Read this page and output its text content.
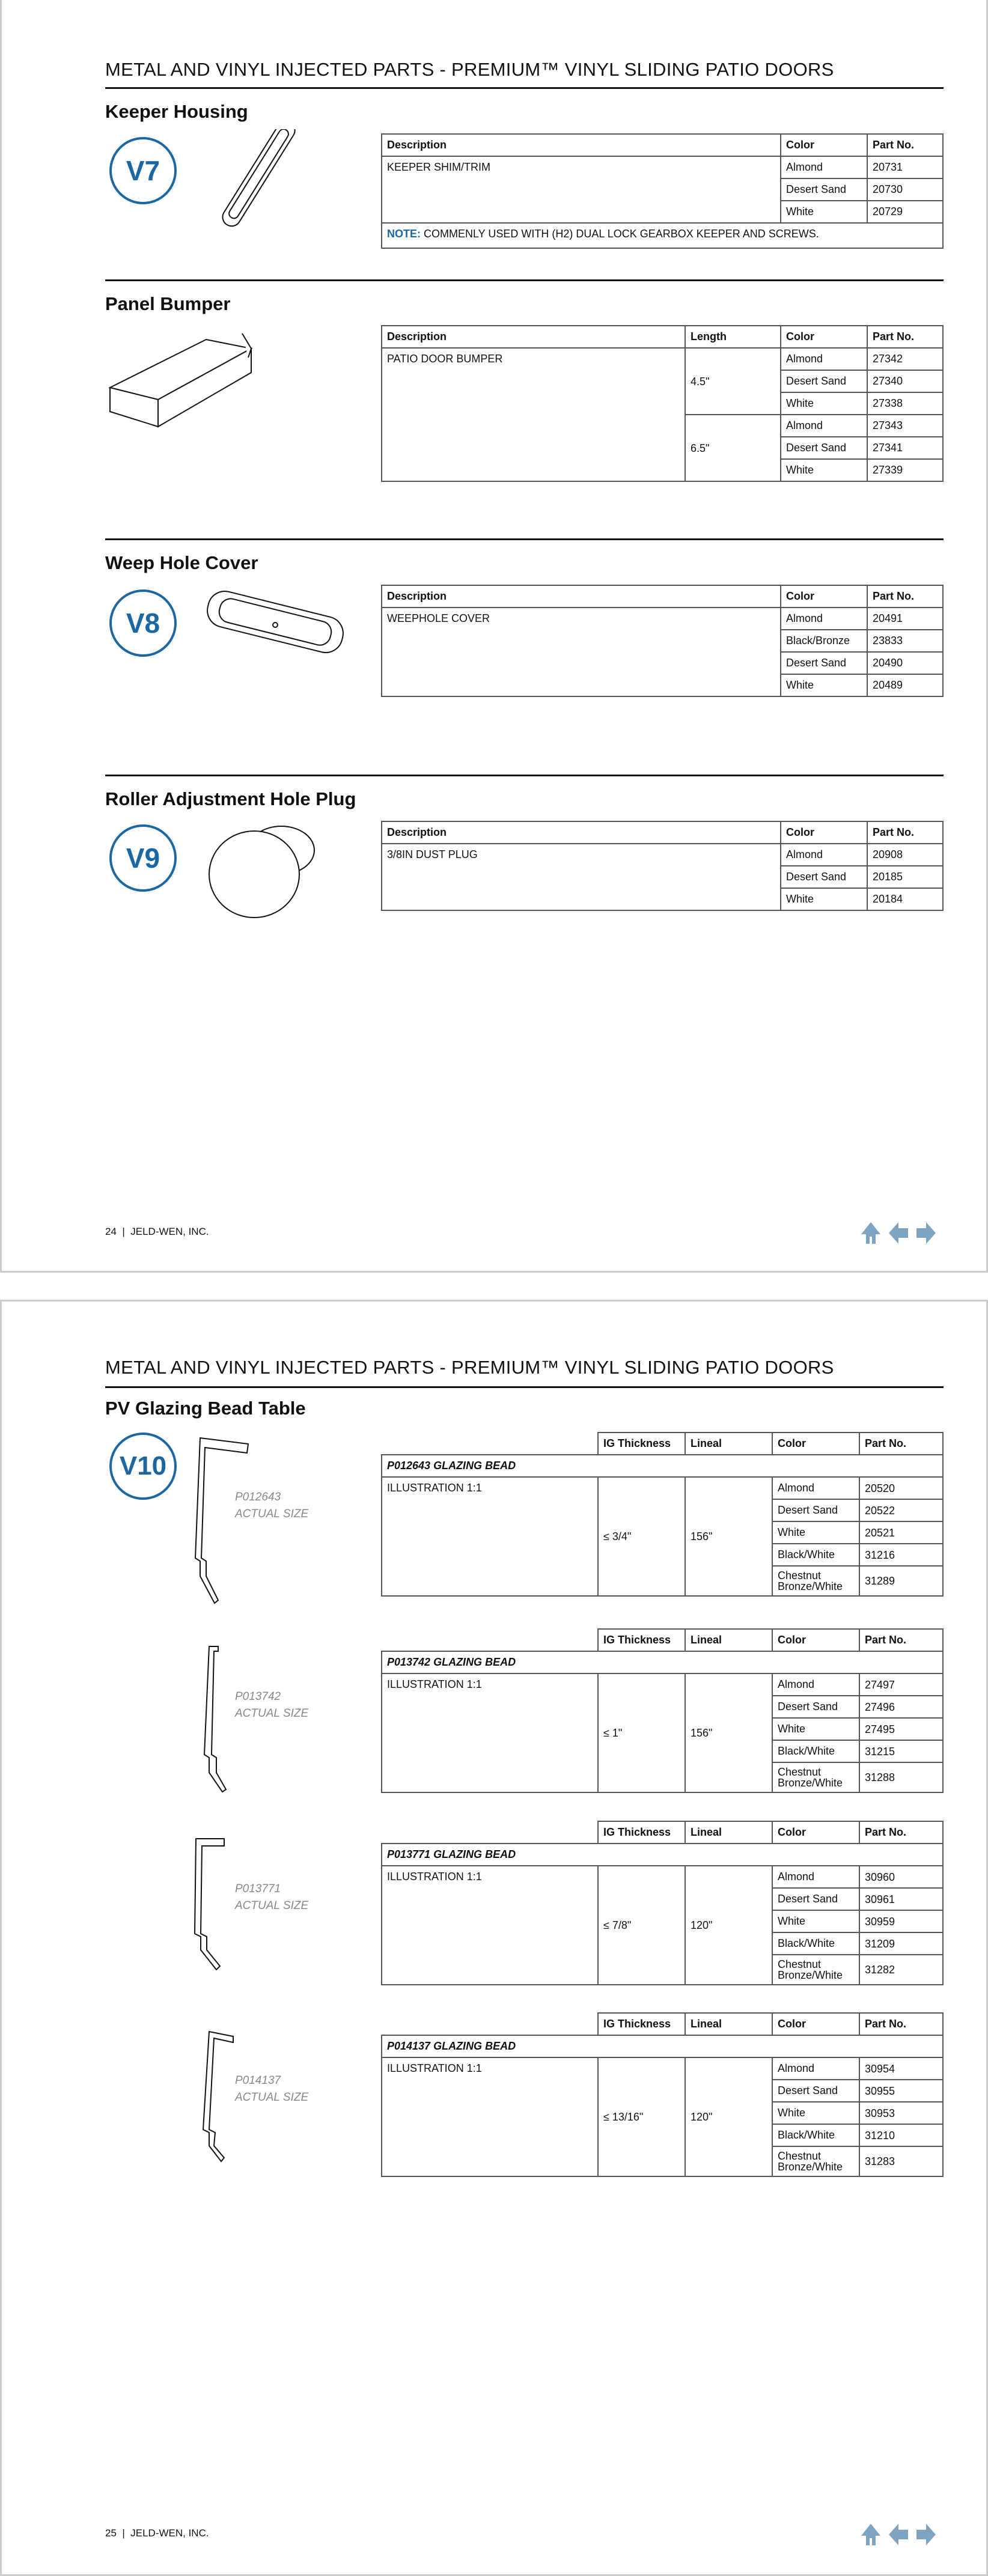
METAL AND VINYL INJECTED PARTS - PREMIUM™ VINYL SLIDING PATIO DOORS
Keeper Housing
V7
Description	Color	Part No.
KEEPER SHIM/TRIM	Almond	20731
	Desert Sand	20730
	White	20729
NOTE: COMMENLY USED WITH (H2) DUAL LOCK GEARBOX KEEPER AND SCREWS.		
Panel Bumper
Description	Length	Color	Part No.
PATIO DOOR BUMPER	4.5"	Almond	27342
		Desert Sand	27340
		White	27338
	6.5"	Almond	27343
		Desert Sand	27341
		White	27339
Weep Hole Cover
V8
Description	Color	Part No.
WEEPHOLE COVER	Almond	20491
	Black/Bronze	23833
	Desert Sand	20490
	White	20489
Roller Adjustment Hole Plug
V9
Description	Color	Part No.
3/8IN DUST PLUG	Almond	20908
	Desert Sand	20185
	White	20184
24 | JELD-WEN, INC.
METAL AND VINYL INJECTED PARTS - PREMIUM™ VINYL SLIDING PATIO DOORS
PV Glazing Bead Table
V10
P012643
ACTUAL SIZE
	IG Thickness	Lineal	Color	Part No.
P012643 GLAZING BEAD				
ILLUSTRATION 1:1	≤ 3/4"	156"	Almond	20520
			Desert Sand	20522
			White	20521
			Black/White	31216
			Chestnut Bronze/White	31289
P013742
ACTUAL SIZE
	IG Thickness	Lineal	Color	Part No.
P013742 GLAZING BEAD				
ILLUSTRATION 1:1	≤ 1"	156"	Almond	27497
			Desert Sand	27496
			White	27495
			Black/White	31215
			Chestnut Bronze/White	31288
P013771
ACTUAL SIZE
	IG Thickness	Lineal	Color	Part No.
P013771 GLAZING BEAD				
ILLUSTRATION 1:1	≤ 7/8"	120"	Almond	30960
			Desert Sand	30961
			White	30959
			Black/White	31209
			Chestnut Bronze/White	31282
P014137
ACTUAL SIZE
	IG Thickness	Lineal	Color	Part No.
P014137 GLAZING BEAD				
ILLUSTRATION 1:1	≤ 13/16"	120"	Almond	30954
			Desert Sand	30955
			White	30953
			Black/White	31210
			Chestnut Bronze/White	31283
25 | JELD-WEN, INC.
